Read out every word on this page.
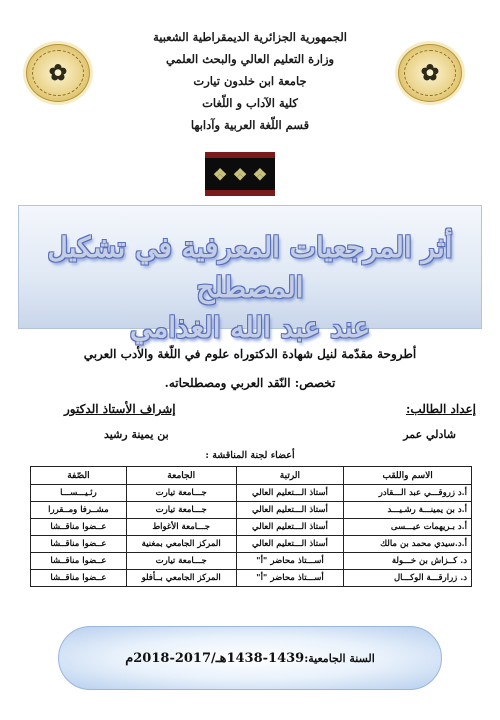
الجمهورية الجزائرية الديمقراطية الشعبية
وزارة التعليم العالي والبحث العلمي
جامعة ابن خلدون تيارت
كلية الآداب و اللّغات
قسم اللّغة العربية وآدابها
✿	✿
❖ ❖ ❖
أثر المرجعيات المعرفية في تشكيل المصطلح
عند عبد الله الغذامي
أطروحة مقدّمة لنيل شهادة الدكتوراه علوم في اللّغة والأدب العربي
تخصص: النّقد العربي ومصطلحاته.
إعداد الطالب:
شادلي عمر
إشراف الأستاذ الدكتور
بن يمينة رشيد
أعضاء لجنة المناقشة :
الاسم واللقب	الرتبة	الجامعة	الصّفة
أ.د زروقـــي عبد الـــقادر	أستاذ الـــتعليم العالي	جـــامعة تيارت	رئـيـــســـا
أ.د بن يمينـــة رشـيـــد	أستاذ الـــتعليم العالي	جـــامعة تيارت	مشــرفا ومــقررا
أ.د بـريهمات عيـــسى	أستاذ الـــتعليم العالي	جـــامعة الأغواط	عــضوا مناقــشا
أ.د.سيدي محمد بن مالك	أستاذ الـــتعليم العالي	المركز الجامعي بمغنية	عــضوا مناقــشا
د. كــزاش بن خـــولة	أســـتاذ محاضر "أ"	جـــامعة تيارت	عــضوا مناقــشا
د. زرارقـــة الوكـــال	أســـتاذ محاضر "أ"	المركز الجامعي بــأفلو	عــضوا مناقــشا
السنة الجامعية:
1438-1439هـ/2017-2018م
